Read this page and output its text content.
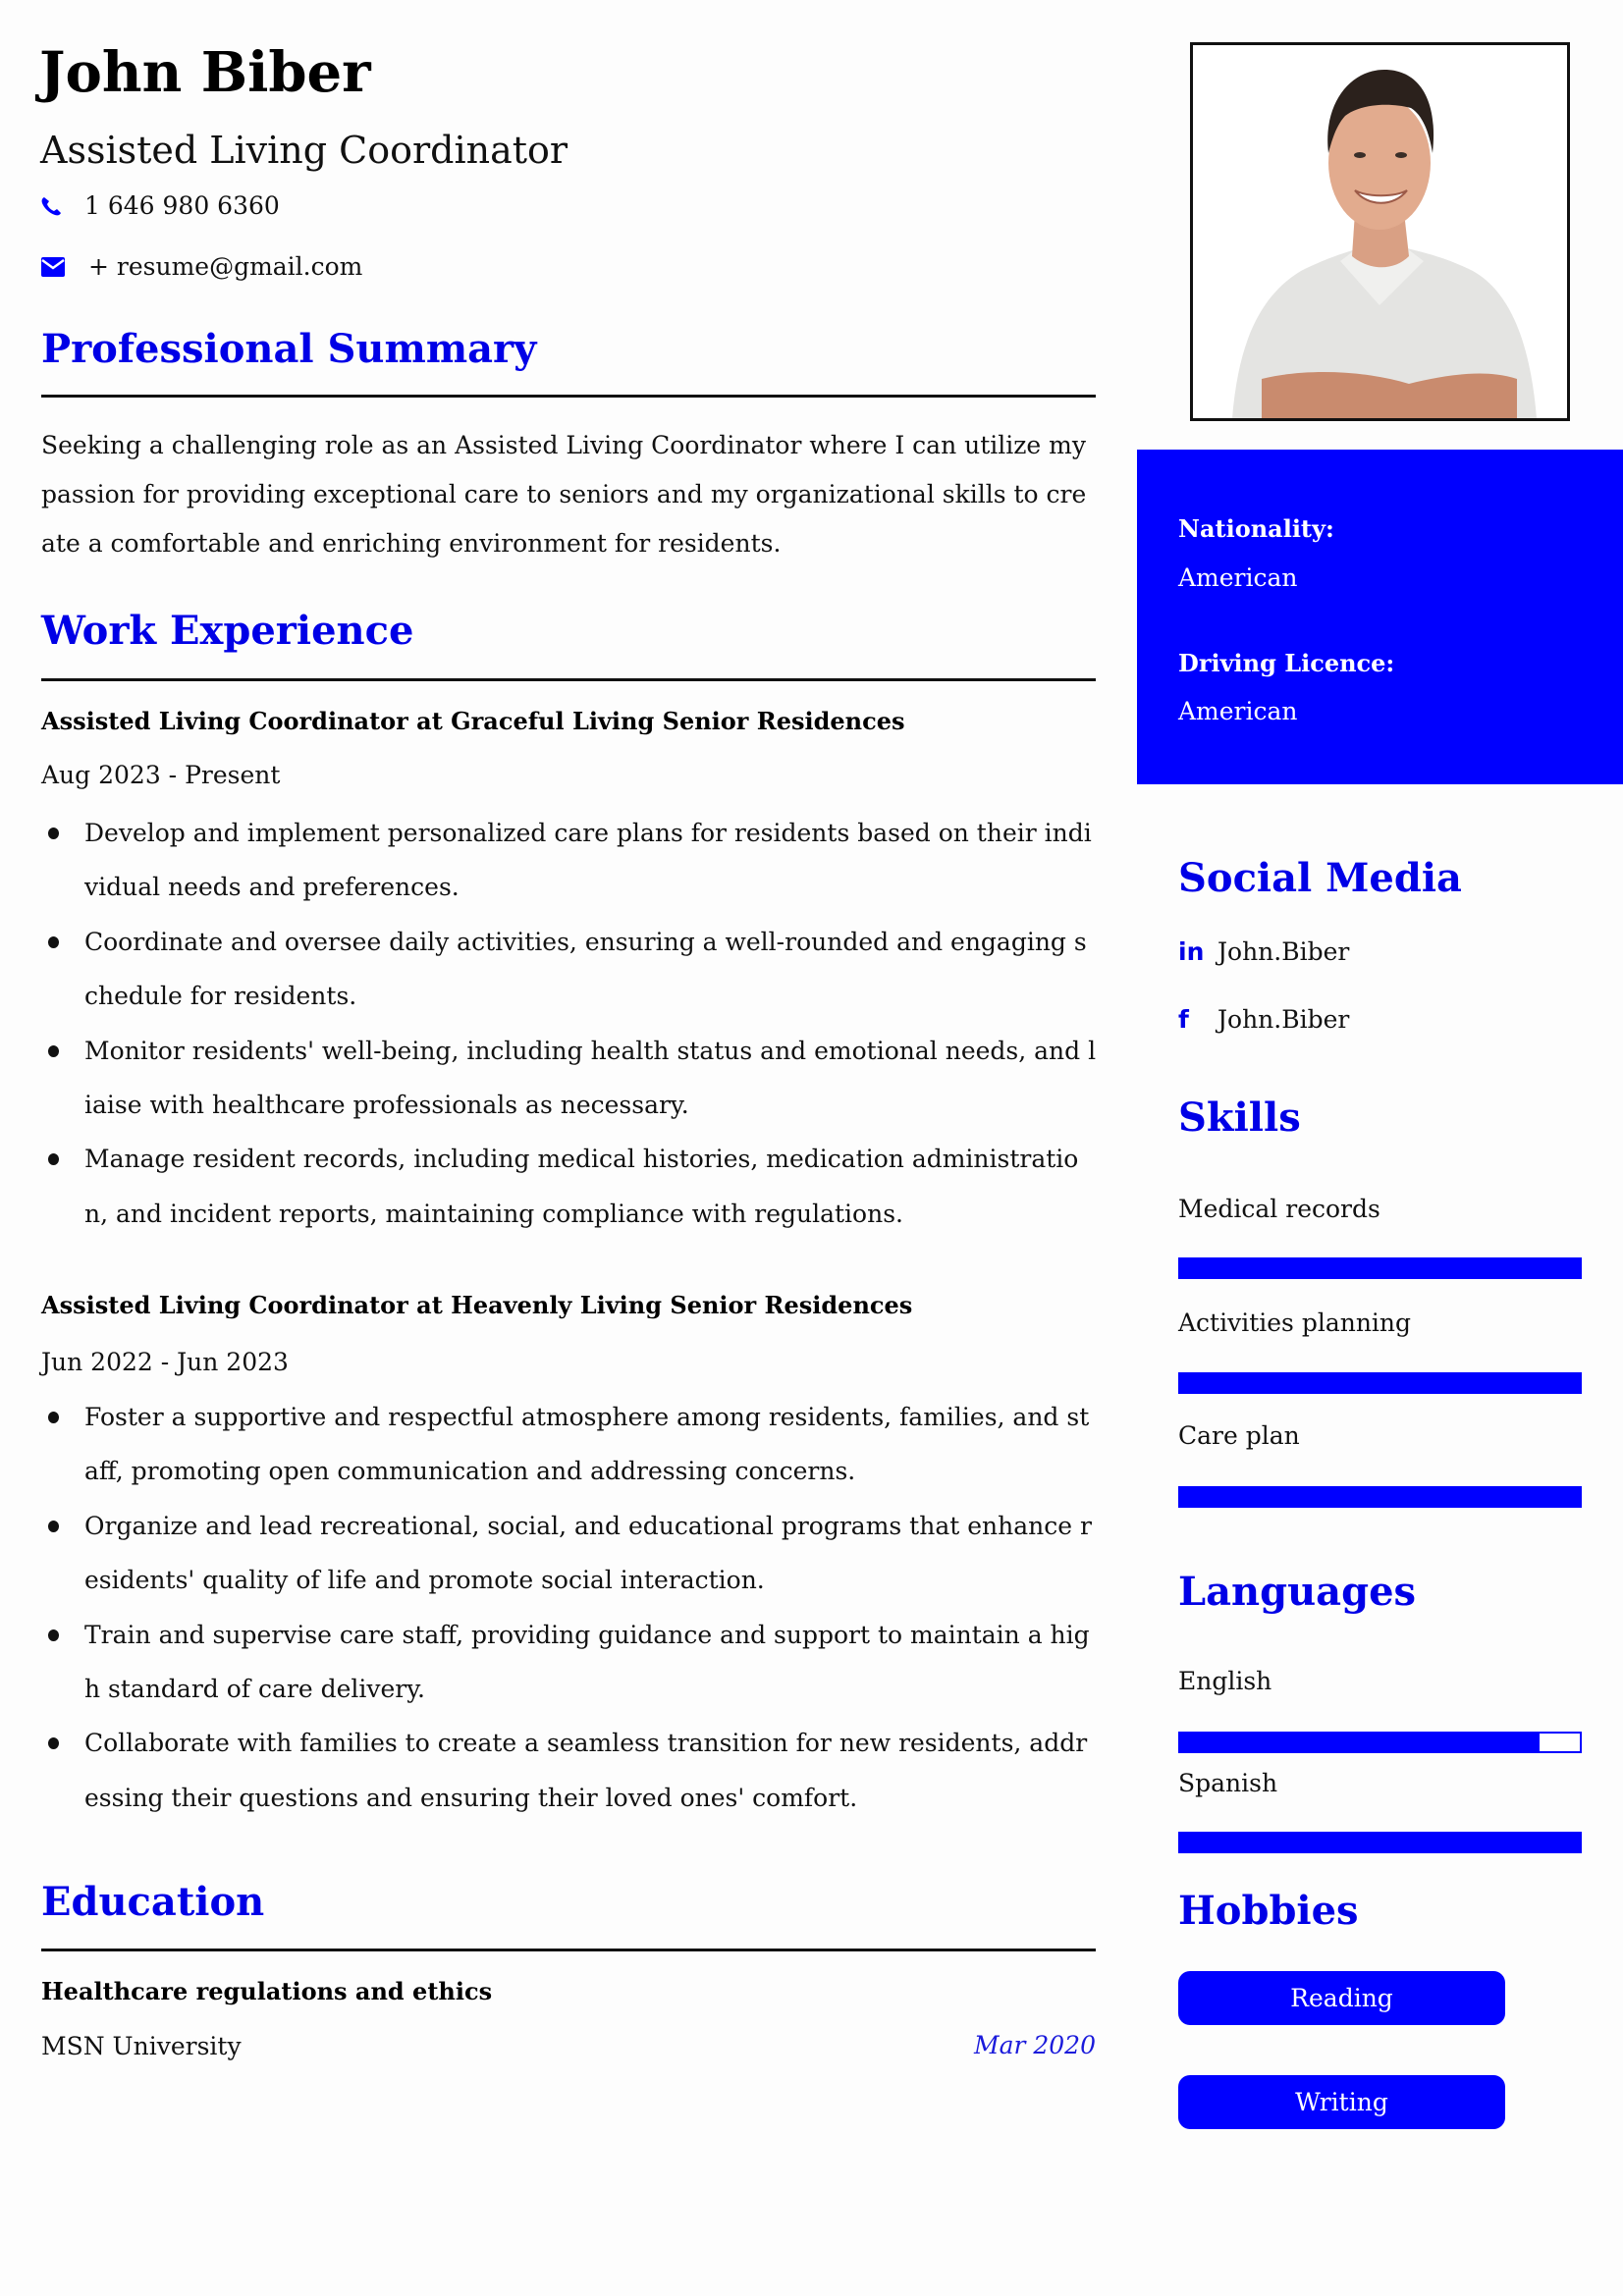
John Biber
Assisted Living Coordinator
1 646 980 6360
+ resume@gmail.com
Professional Summary

Seeking a challenging role as an Assisted Living Coordinator where I can utilize my passion for providing exceptional care to seniors and my organizational skills to create a comfortable and enriching environment for residents.

Work Experience
Assisted Living Coordinator at Graceful Living Senior Residences
Aug 2023 - Present
Develop and implement personalized care plans for residents based on their individual needs and preferences.
Coordinate and oversee daily activities, ensuring a well-rounded and engaging schedule for residents.
Monitor residents' well-being, including health status and emotional needs, and liaise with healthcare professionals as necessary.
Manage resident records, including medical histories, medication administration, and incident reports, maintaining compliance with regulations.
Assisted Living Coordinator at Heavenly Living Senior Residences
Jun 2022 - Jun 2023
Foster a supportive and respectful atmosphere among residents, families, and staff, promoting open communication and addressing concerns.
Organize and lead recreational, social, and educational programs that enhance residents' quality of life and promote social interaction.
Train and supervise care staff, providing guidance and support to maintain a high standard of care delivery.
Collaborate with families to create a seamless transition for new residents, addressing their questions and ensuring their loved ones' comfort.
Education
Healthcare regulations and ethics
MSN University	Mar 2020
Nationality:
American
Driving Licence:
American
Social Media
in John.Biber
f	John.Biber
Skills
Medical records
Activities planning
Care plan
Languages
English
Spanish
Hobbies
Reading
Writing
